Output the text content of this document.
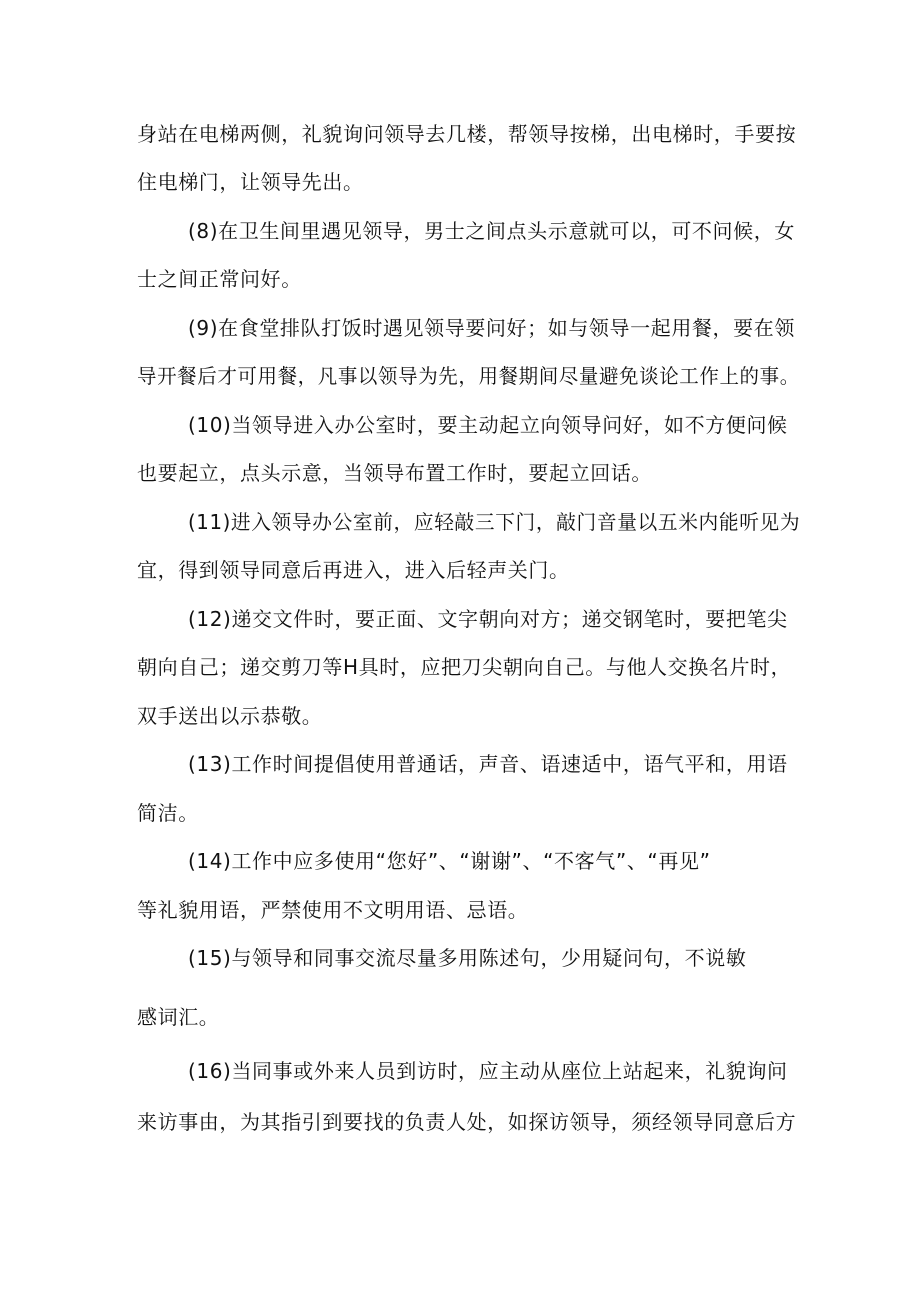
身站在电梯两侧，礼貌询问领导去几楼，帮领导按梯，出电梯时，手要按
住电梯门，让领导先出。
(8)在卫生间里遇见领导，男士之间点头示意就可以，可不问候，女
士之间正常问好。
(9)在食堂排队打饭时遇见领导要问好；如与领导一起用餐，要在领
导开餐后才可用餐，凡事以领导为先，用餐期间尽量避免谈论工作上的事。
(10)当领导进入办公室时，要主动起立向领导问好，如不方便问候
也要起立，点头示意，当领导布置工作时，要起立回话。
(11)进入领导办公室前，应轻敲三下门，敲门音量以五米内能听见为
宜，得到领导同意后再进入，进入后轻声关门。
(12)递交文件时，要正面、文字朝向对方；递交钢笔时，要把笔尖
朝向自己；递交剪刀等H具时，应把刀尖朝向自己。与他人交换名片时，
双手送出以示恭敬。
(13)工作时间提倡使用普通话，声音、语速适中，语气平和，用语
简洁。
(14)工作中应多使用“您好”、“谢谢”、“不客气”、“再见”
等礼貌用语，严禁使用不文明用语、忌语。
(15)与领导和同事交流尽量多用陈述句，少用疑问句，不说敏
感词汇。
(16)当同事或外来人员到访时，应主动从座位上站起来，礼貌询问
来访事由，为其指引到要找的负责人处，如探访领导，须经领导同意后方
